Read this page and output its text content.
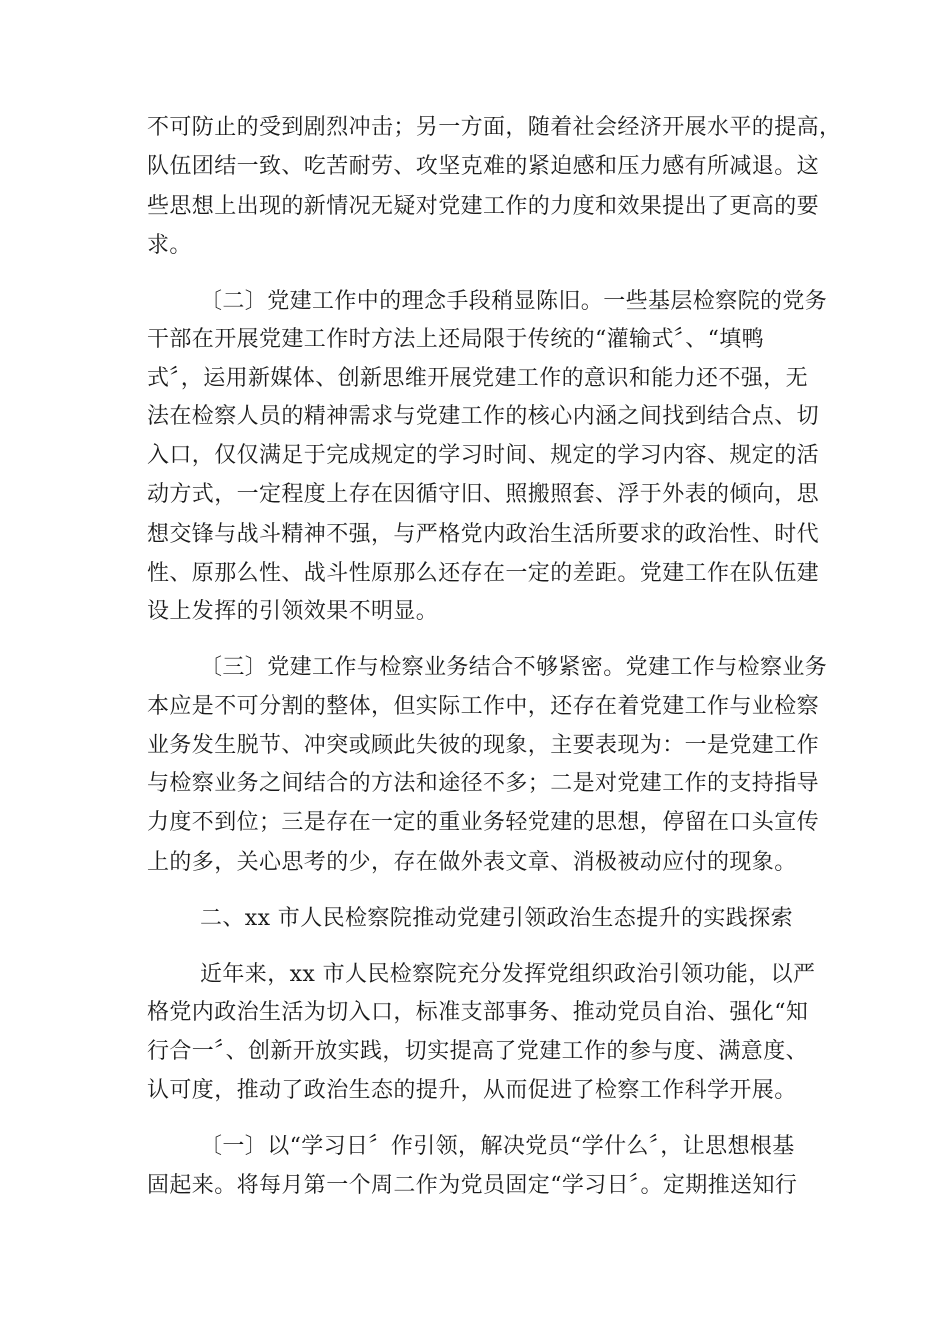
不可防止的受到剧烈冲击；另一方面，随着社会经济开展水平的提高，
队伍团结一致、吃苦耐劳、攻坚克难的紧迫感和压力感有所减退。这
些思想上出现的新情况无疑对党建工作的力度和效果提出了更高的要
求。
〔二〕党建工作中的理念手段稍显陈旧。一些基层检察院的党务
干部在开展党建工作时方法上还局限于传统的“灌输式〞、“填鸭
式〞，运用新媒体、创新思维开展党建工作的意识和能力还不强，无
法在检察人员的精神需求与党建工作的核心内涵之间找到结合点、切
入口，仅仅满足于完成规定的学习时间、规定的学习内容、规定的活
动方式，一定程度上存在因循守旧、照搬照套、浮于外表的倾向，思
想交锋与战斗精神不强，与严格党内政治生活所要求的政治性、时代
性、原那么性、战斗性原那么还存在一定的差距。党建工作在队伍建
设上发挥的引领效果不明显。
〔三〕党建工作与检察业务结合不够紧密。党建工作与检察业务
本应是不可分割的整体，但实际工作中，还存在着党建工作与业检察
业务发生脱节、冲突或顾此失彼的现象，主要表现为：一是党建工作
与检察业务之间结合的方法和途径不多；二是对党建工作的支持指导
力度不到位；三是存在一定的重业务轻党建的思想，停留在口头宣传
上的多，关心思考的少，存在做外表文章、消极被动应付的现象。
二、xx 市人民检察院推动党建引领政治生态提升的实践探索
近年来，xx 市人民检察院充分发挥党组织政治引领功能，以严
格党内政治生活为切入口，标准支部事务、推动党员自治、强化“知
行合一〞、创新开放实践，切实提高了党建工作的参与度、满意度、
认可度，推动了政治生态的提升，从而促进了检察工作科学开展。
〔一〕以“学习日〞作引领，解决党员“学什么〞，让思想根基
固起来。将每月第一个周二作为党员固定“学习日〞。定期推送知行
